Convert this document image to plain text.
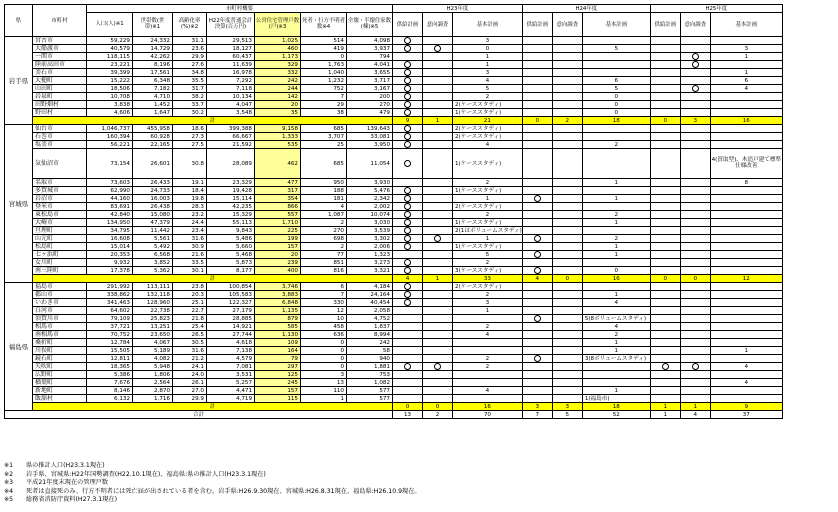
県	市町村	市町村概要							H23年度			H24年度			H25年度		
		人口(人)※1	世帯数(世帯)※1	高齢化率(%)※2	H22年度普通会計決算(百万円)	公営住宅管理戸数(戸)※3	死者・行方不明者数※4	全壊・半壊住家数(棟)※5	供給計画	意向調査	基本計画	供給計画	意向調査	基本計画	供給計画	意向調査	基本計画
岩手県	宮古市	59,229	24,332	31.1	29,513	1,025	514	4,098			3						
	大船渡市	40,579	14,729	23.6	18,127	460	419	3,937			0			5			3
	一関市	118,115	42,262	29.9	60,437	1,173	0	794			1						1
	陸前高田市	23,221	8,196	27.6	11,639	329	1,763	4,041			1						
	釜石市	39,399	17,561	34.8	16,978	332	1,040	3,655			3						1
	大槌町	15,222	6,348	35.5	7,292	242	1,232	3,717			4			6			6
	山田町	18,506	7,182	31.7	7,118	244	752	3,167			5			5			4
	岩泉町	10,708	4,710	38.2	10,134	142	7	200			2			0			
	田野畑村	3,838	1,452	33.7	4,047	20	29	270			2(ケーススタディ)			0			
	野田村	4,606	1,647	30.2	3,548	35	38	479			1(ケーススタディ)			0			
	計								9	1	21	0	2	18	0	3	16
宮城県	仙台市	1,046,737	455,958	18.6	399,388	9,158	685	139,643			2(ケーススタディ)						
	石巻市	160,394	60,928	27.3	66,667	1,333	3,707	33,081			2(ケーススタディ)						
	塩釜市	56,221	22,165	27.5	21,592	535	25	3,950			4			2			
	気仙沼市	73,154	26,601	30.8	28,089	462	685	11,054			1(ケーススタディ)						4(買取型)、木造戸建て標準仕様改善
	名取市	73,603	26,433	19.1	23,329	477	950	3,930			2			1			8
	多賀城市	62,990	24,733	18.4	19,428	317	188	5,476			1(ケーススタディ)						
	岩沼市	44,160	16,003	19.8	15,114	354	181	2,342			1			1			
	登米市	83,691	26,438	28.3	42,235	866	4	2,002			2(ケーススタディ)						
	東松島市	42,840	15,080	23.2	15,329	557	1,087	10,074			2			2			
	大崎市	134,950	47,379	24.4	55,113	1,710	2	3,030			1(ケーススタディ)			1			
	亘理町	34,795	11,442	23.4	9,843	225	270	3,539			2(1はボリュームスタディ)						
	山元町	16,608	5,561	31.6	5,486	199	698	3,302			1			2			
	松島町	15,014	5,492	30.9	5,660	157	2	2,006			1(ケーススタディ)			1			
	七ヶ浜町	20,353	6,568	21.6	5,468	20	77	1,323			5			1			
	女川町	9,932	3,852	33.5	5,873	239	851	3,273			2						
	南三陸町	17,378	5,362	30.1	8,177	400	816	3,321			3(ケーススタディ)			0			
	計								4	1	33	4	0	16	0	0	12
福島県	福島市	291,992	113,111	23.8	100,854	3,746	6	4,184			2(ケーススタディ)						
	郡山市	338,862	132,118	20.3	105,583	3,883	7	24,164			2			1			
	いわき市	341,463	128,960	25.1	122,327	6,848	330	40,454			3			4			
	白河市	64,602	22,738	22.7	27,179	1,135	12	2,058			1						
	須賀川市	79,109	25,823	21.8	28,885	879	10	4,752						5(8ボリュームスタディ)			
	相馬市	37,721	13,251	25.4	14,921	585	458	1,837			2			4			
	南相馬市	70,752	23,650	26.5	27,744	1,130	636	8,994			4			2			
	桑折町	12,784	4,067	30.5	4,618	109	0	242						1			
	川俣町	15,505	5,189	31.6	7,138	164	0	58						1			1
	鏡石町	12,811	4,082	21.2	4,579	79	0	940			2			3(8ボリュームスタディ)			
	矢吹町	18,365	5,948	24.1	7,081	297	0	1,881			2						4
	広野町	5,386	1,806	24.0	3,531	125	3	753									
	楢葉町	7,676	2,564	26.1	5,257	245	13	1,082									4
	新地町	8,146	2,870	27.0	4,471	157	110	577			4			1			
	飯舘村	6,132	1,716	29.9	4,719	115	1	577						1(福島市)			
	計								0	0	16	3	3	18	1	1	9
合計									13	2	70	7	5	52	1	4	37
※1	県の推計人口(H23.3.1現在)
※2	岩手県、宮城県:H22年国勢調査(H22.10.1現在)、福島県:県の推計人口(H23.3.1現在)
※3	平成21年度末現在の管理戸数
※4	死者は直接死のみ、行方不明者には死亡届が出されている者を含む。岩手県:H26.9.30現在、宮城県:H26.8.31現在、福島県:H26.10.9現在。
※5	総務省消防庁資料(H27.3.1現在)
